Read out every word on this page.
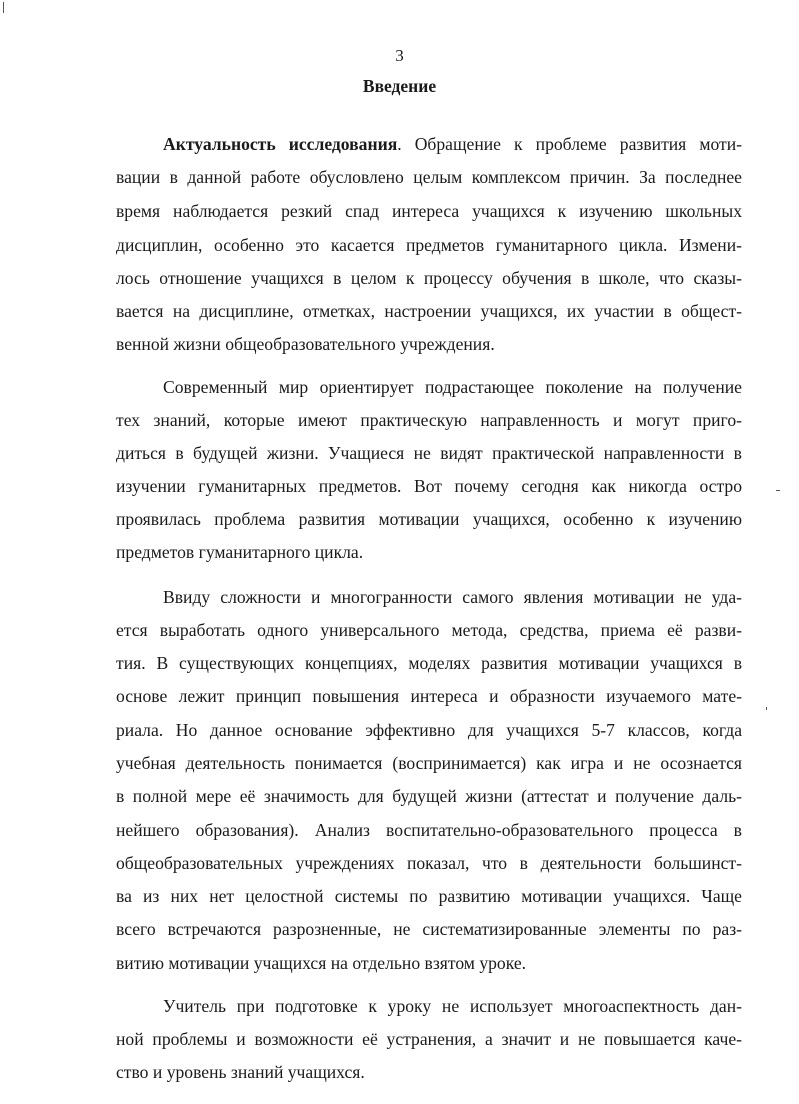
3
Введение
Актуальность исследования. Обращение к проблеме развития моти-
вации в данной работе обусловлено целым комплексом причин. За последнее
время наблюдается резкий спад интереса учащихся к изучению школьных
дисциплин, особенно это касается предметов гуманитарного цикла. Измени-
лось отношение учащихся в целом к процессу обучения в школе, что сказы-
вается на дисциплине, отметках, настроении учащихся, их участии в общест-
венной жизни общеобразовательного учреждения.
Современный мир ориентирует подрастающее поколение на получение
тех знаний, которые имеют практическую направленность и могут приго-
диться в будущей жизни. Учащиеся не видят практической направленности в
изучении гуманитарных предметов. Вот почему сегодня как никогда остро
проявилась проблема развития мотивации учащихся, особенно к изучению
предметов гуманитарного цикла.
Ввиду сложности и многогранности самого явления мотивации не уда-
ется выработать одного универсального метода, средства, приема её разви-
тия. В существующих концепциях, моделях развития мотивации учащихся в
основе лежит принцип повышения интереса и образности изучаемого мате-
риала. Но данное основание эффективно для учащихся 5-7 классов, когда
учебная деятельность понимается (воспринимается) как игра и не осознается
в полной мере её значимость для будущей жизни (аттестат и получение даль-
нейшего образования). Анализ воспитательно-образовательного процесса в
общеобразовательных учреждениях показал, что в деятельности большинст-
ва из них нет целостной системы по развитию мотивации учащихся. Чаще
всего встречаются разрозненные, не систематизированные элементы по раз-
витию мотивации учащихся на отдельно взятом уроке.
Учитель при подготовке к уроку не использует многоаспектность дан-
ной проблемы и возможности её устранения, а значит и не повышается каче-
ство и уровень знаний учащихся.
